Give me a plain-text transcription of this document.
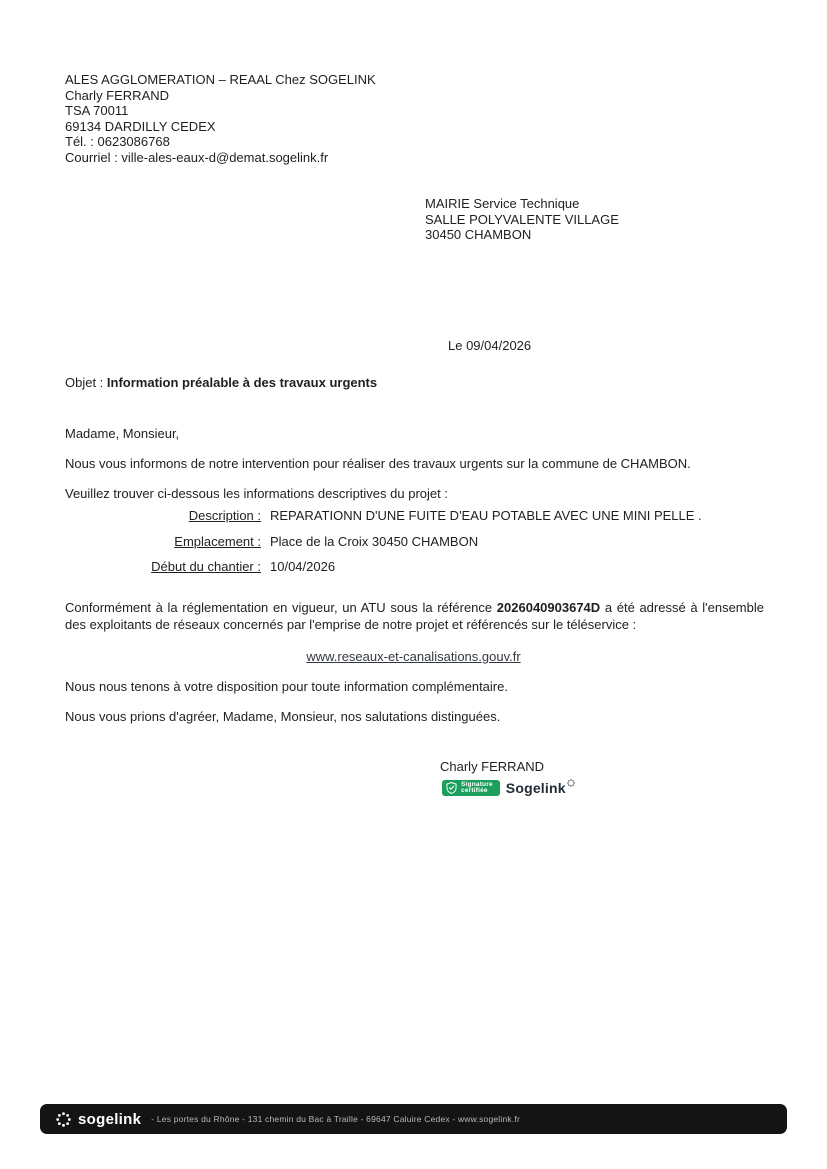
ALES AGGLOMERATION – REAAL Chez SOGELINK
Charly FERRAND
TSA 70011
69134 DARDILLY CEDEX
Tél. : 0623086768
Courriel : ville-ales-eaux-d@demat.sogelink.fr
MAIRIE Service Technique
SALLE POLYVALENTE VILLAGE
30450 CHAMBON
Le 09/04/2026
Objet : Information préalable à des travaux urgents
Madame, Monsieur,

Nous vous informons de notre intervention pour réaliser des travaux urgents sur la commune de CHAMBON.

Veuillez trouver ci-dessous les informations descriptives du projet :

Description : REPARATIONN D'UNE FUITE D'EAU POTABLE AVEC UNE MINI PELLE .
Emplacement : Place de la Croix 30450 CHAMBON
Début du chantier : 10/04/2026

Conformément à la réglementation en vigueur, un ATU sous la référence 2026040903674D a été adressé à l'ensemble des exploitants de réseaux concernés par l'emprise de notre projet et référencés sur le téléservice :

www.reseaux-et-canalisations.gouv.fr

Nous nous tenons à votre disposition pour toute information complémentaire.

Nous vous prions d'agréer, Madame, Monsieur, nos salutations distinguées.

Charly FERRAND
Signature
certifiée	Sogelink
sogelink - Les portes du Rhône - 131 chemin du Bac à Traille - 69647 Caluire Cedex - www.sogelink.fr
